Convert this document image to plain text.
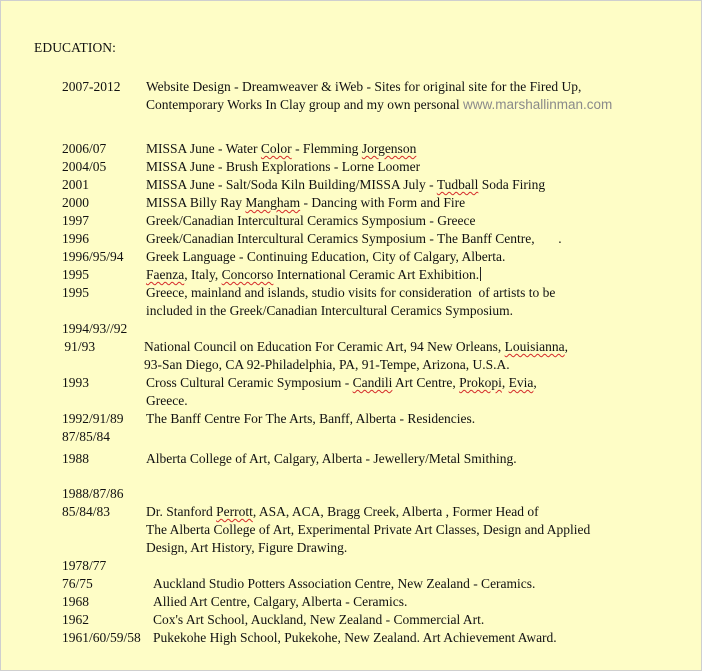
EDUCATION:
2007-2012 Website Design - Dreamweaver & iWeb - Sites for original site for the Fired Up,
Contemporary Works In Clay group and my own personal www.marshallinman.com
2006/07	MISSA June - Water Color - Flemming Jorgenson
2004/05	MISSA June - Brush Explorations - Lorne Loomer
2001	MISSA June - Salt/Soda Kiln Building/MISSA July - Tudball Soda Firing
2000	MISSA Billy Ray Mangham - Dancing with Form and Fire
1997	Greek/Canadian Intercultural Ceramics Symposium - Greece
1996	Greek/Canadian Intercultural Ceramics Symposium - The Banff Centre,       .
1996/95/94 Greek Language - Continuing Education, City of Calgary, Alberta.
1995	Faenza, Italy, Concorso International Ceramic Art Exhibition.
1995	Greece, mainland and islands, studio visits for consideration  of artists to be
included in the Greek/Canadian Intercultural Ceramics Symposium.
1994/93//92
91/93	National Council on Education For Ceramic Art, 94 New Orleans, Louisianna,
93-San Diego, CA 92-Philadelphia, PA, 91-Tempe, Arizona, U.S.A.
1993	Cross Cultural Ceramic Symposium - Candili Art Centre, Prokopi, Evia,
Greece.
1992/91/89 The Banff Centre For The Arts, Banff, Alberta - Residencies.
87/85/84
1988	Alberta College of Art, Calgary, Alberta - Jewellery/Metal Smithing.
1988/87/86
85/84/83	Dr. Stanford Perrott, ASA, ACA, Bragg Creek, Alberta , Former Head of
The Alberta College of Art, Experimental Private Art Classes, Design and Applied
Design, Art History, Figure Drawing.
1978/77
76/75	Auckland Studio Potters Association Centre, New Zealand - Ceramics.
1968	Allied Art Centre, Calgary, Alberta - Ceramics.
1962	Cox's Art School, Auckland, New Zealand - Commercial Art.
1961/60/59/58 Pukekohe High School, Pukekohe, New Zealand. Art Achievement Award.
